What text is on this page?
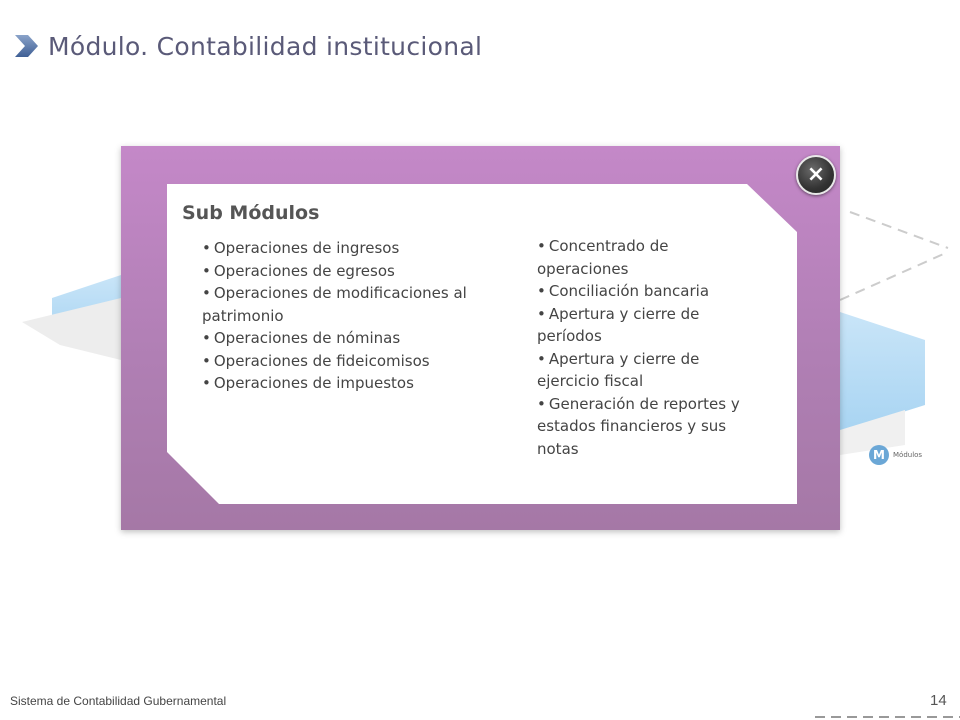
Módulo. Contabilidad institucional
Sub Módulos
• Operaciones de ingresos
• Operaciones de egresos
• Operaciones de modificaciones al patrimonio
• Operaciones de nóminas
• Operaciones de fideicomisos
• Operaciones de impuestos
• Concentrado de operaciones
• Conciliación bancaria
• Apertura y cierre de períodos
• Apertura y cierre de ejercicio fiscal
• Generación de reportes y estados financieros y sus notas
×
M	Módulos
Sistema de Contabilidad Gubernamental	14
